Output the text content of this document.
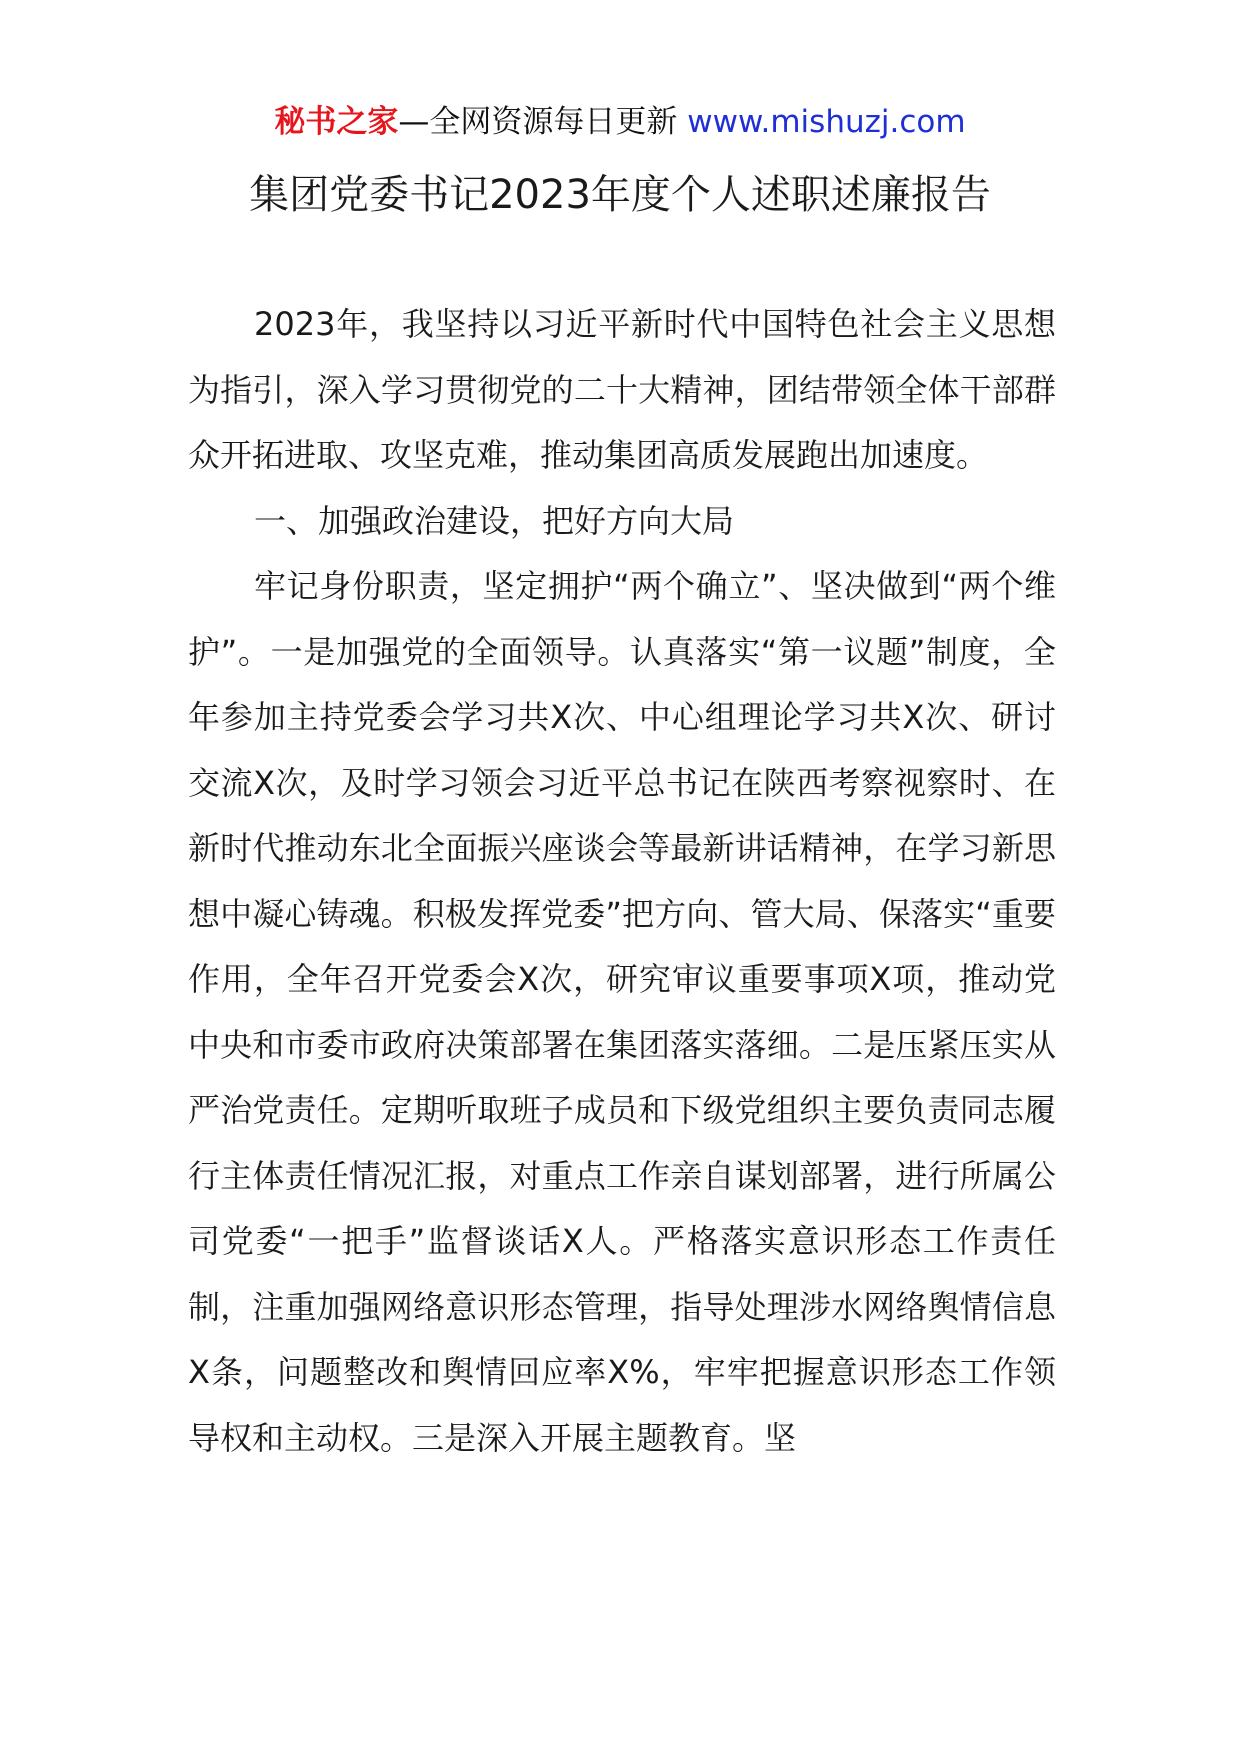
秘书之家—全网资源每日更新 www.mishuzj.com
集团党委书记2023年度个人述职述廉报告

2023年，我坚持以习近平新时代中国特色社会主义思想为指引，深入学习贯彻党的二十大精神，团结带领全体干部群众开拓进取、攻坚克难，推动集团高质发展跑出加速度。

一、加强政治建设，把好方向大局

牢记身份职责，坚定拥护“两个确立”、坚决做到“两个维护”。一是加强党的全面领导。认真落实“第一议题”制度，全年参加主持党委会学习共X次、中心组理论学习共X次、研讨交流X次，及时学习领会习近平总书记在陕西考察视察时、在新时代推动东北全面振兴座谈会等最新讲话精神，在学习新思想中凝心铸魂。积极发挥党委”把方向、管大局、保落实“重要作用，全年召开党委会X次，研究审议重要事项X项，推动党中央和市委市政府决策部署在集团落实落细。二是压紧压实从严治党责任。定期听取班子成员和下级党组织主要负责同志履行主体责任情况汇报，对重点工作亲自谋划部署，进行所属公司党委“一把手”监督谈话X人。严格落实意识形态工作责任制，注重加强网络意识形态管理，指导处理涉水网络舆情信息X条，问题整改和舆情回应率X%，牢牢把握意识形态工作领导权和主动权。三是深入开展主题教育。坚
